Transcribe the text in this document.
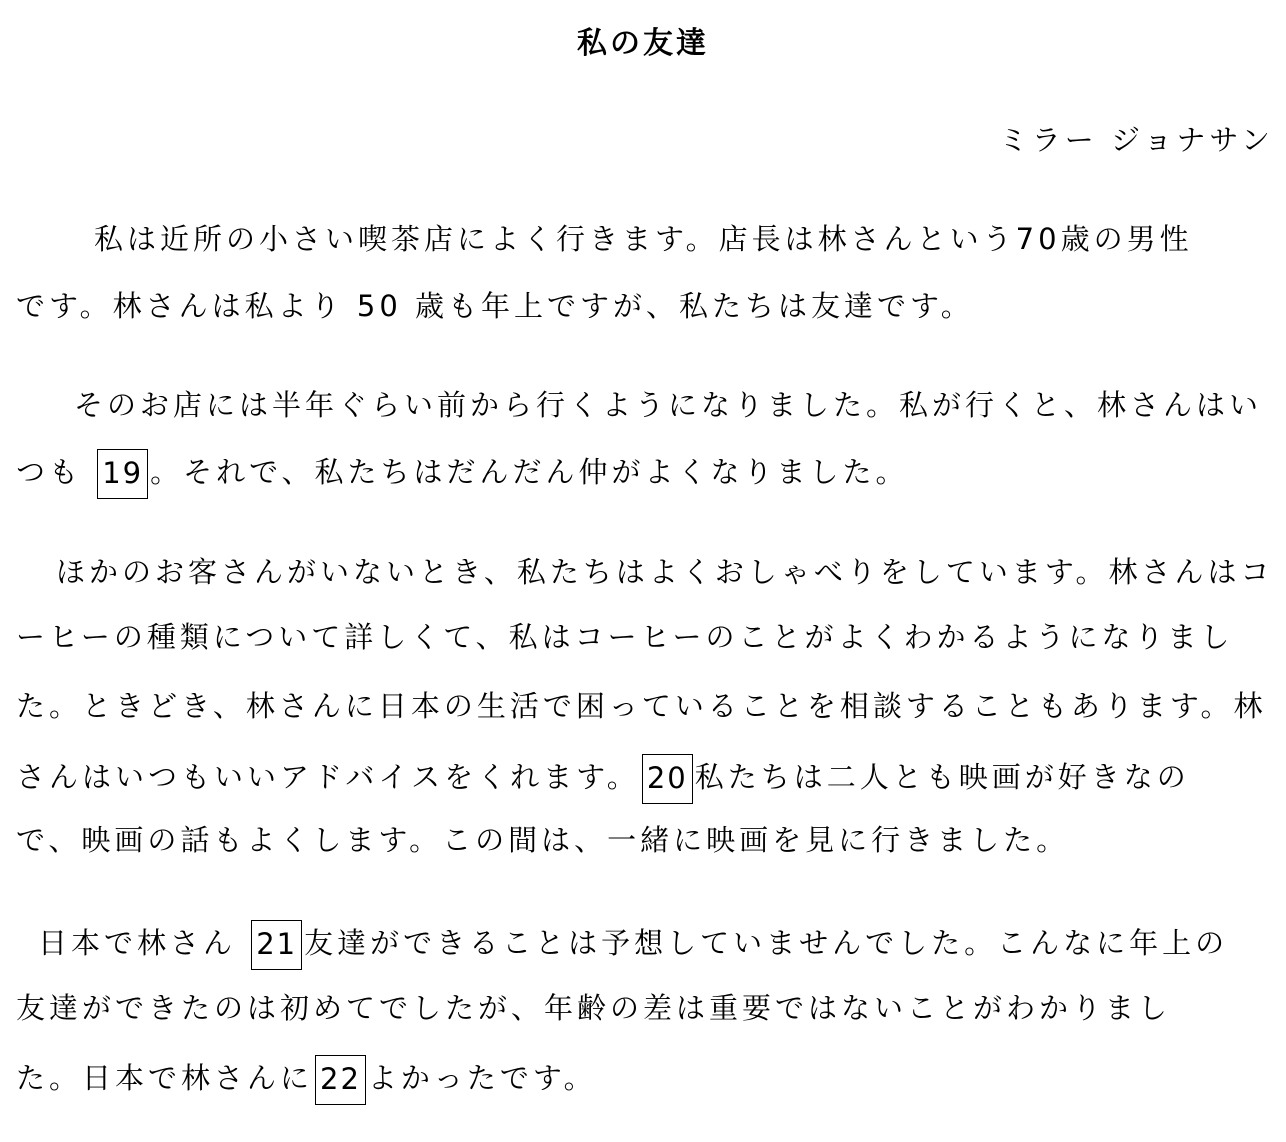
私の友達
ミラー ジョナサン
私は近所の小さい喫茶店によく行きます。店長は林さんという70歳の男性
です。林さんは私より 50 歳も年上ですが、私たちは友達です。
そのお店には半年ぐらい前から行くようになりました。私が行くと、林さんはい
つも 19 。それで、私たちはだんだん仲がよくなりました。
ほかのお客さんがいないとき、私たちはよくおしゃべりをしています。林さんはコ
ーヒーの種類について詳しくて、私はコーヒーのことがよくわかるようになりまし
た。ときどき、林さんに日本の生活で困っていることを相談することもあります。林
さんはいつもいいアドバイスをくれます。 20 私たちは二人とも映画が好きなの
で、映画の話もよくします。この間は、一緒に映画を見に行きました。
日本で林さん 21 友達ができることは予想していませんでした。こんなに年上の
友達ができたのは初めてでしたが、年齢の差は重要ではないことがわかりまし
た。日本で林さんに 22 よかったです。
